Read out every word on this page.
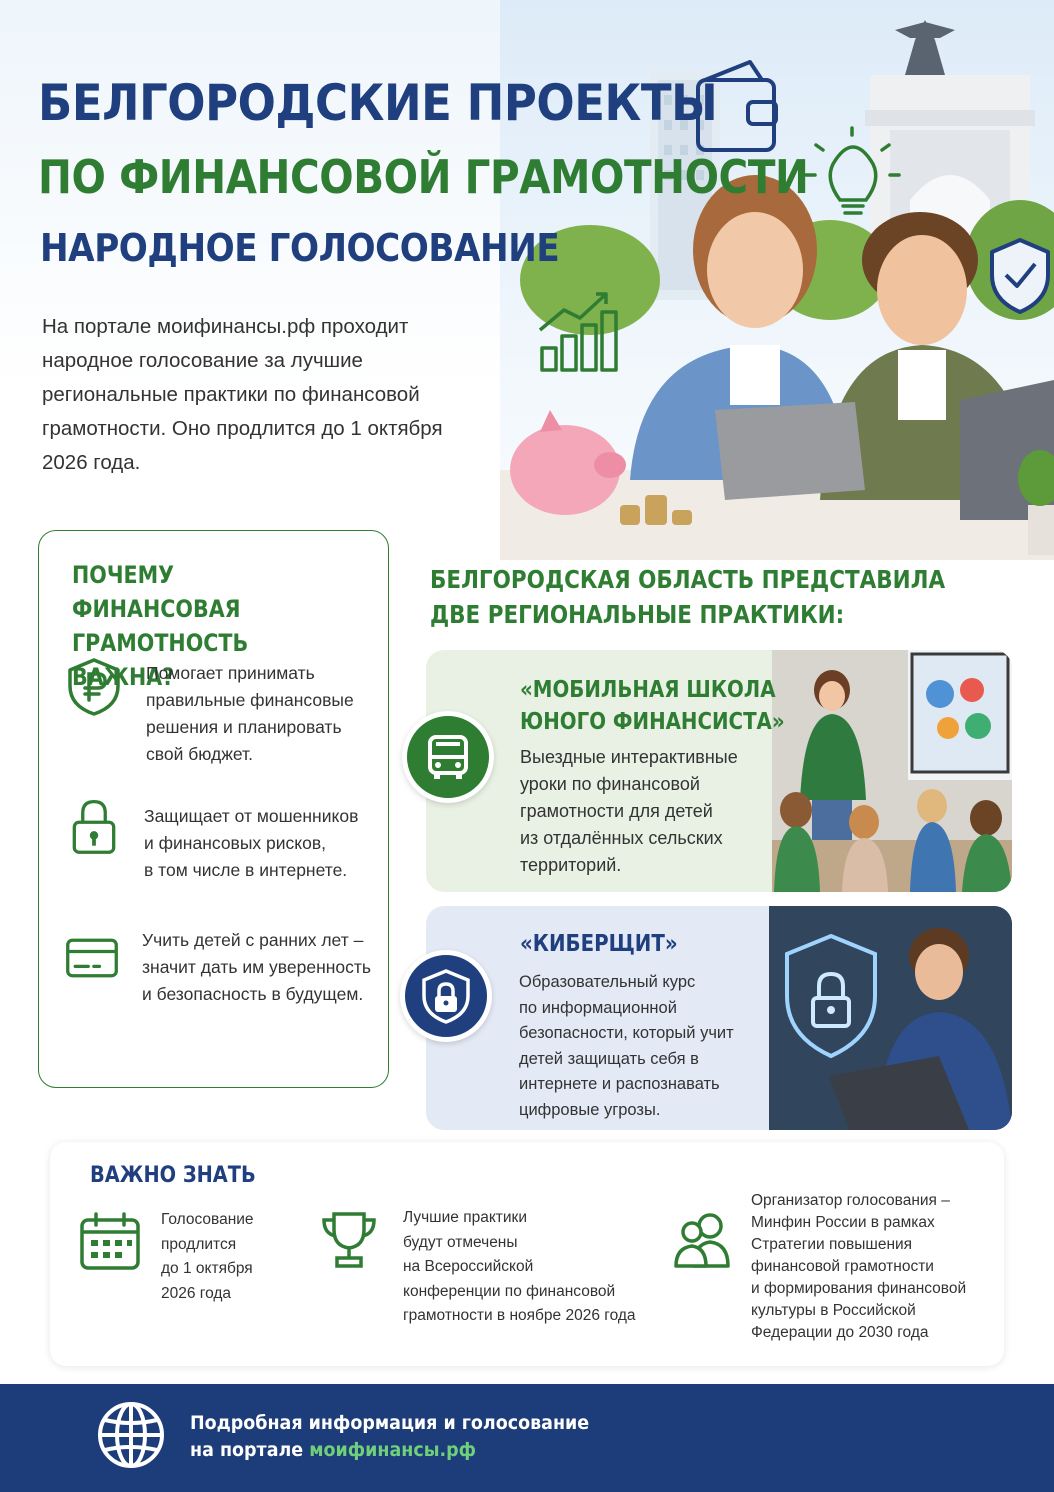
БЕЛГОРОДСКИЕ ПРОЕКТЫ
ПО ФИНАНСОВОЙ ГРАМОТНОСТИ
НАРОДНОЕ ГОЛОСОВАНИЕ
На портале моифинансы.рф проходит
народное голосование за лучшие
региональные практики по финансовой
грамотности. Оно продлится до 1 октября
2026 года.
ПОЧЕМУ ФИНАНСОВАЯ
ГРАМОТНОСТЬ ВАЖНА?
Помогает принимать
правильные финансовые
решения и планировать
свой бюджет.
Защищает от мошенников
и финансовых рисков,
в том числе в интернете.
Учить детей с ранних лет –
значит дать им уверенность
и безопасность в будущем.
БЕЛГОРОДСКАЯ ОБЛАСТЬ ПРЕДСТАВИЛА
ДВЕ РЕГИОНАЛЬНЫЕ ПРАКТИКИ:
«МОБИЛЬНАЯ ШКОЛА
ЮНОГО ФИНАНСИСТА»
Выездные интерактивные
уроки по финансовой
грамотности для детей
из отдалённых сельских
территорий.
«КИБЕРЩИТ»
Образовательный курс
по информационной
безопасности, который учит
детей защищать себя в
интернете и распознавать
цифровые угрозы.
ВАЖНО ЗНАТЬ
Голосование
продлится
до 1 октября
2026 года
Лучшие практики
будут отмечены
на Всероссийской
конференции по финансовой
грамотности в ноябре 2026 года
Организатор голосования –
Минфин России в рамках
Стратегии повышения
финансовой грамотности
и формирования финансовой
культуры в Российской
Федерации до 2030 года
Подробная информация и голосование
на портале моифинансы.рф
